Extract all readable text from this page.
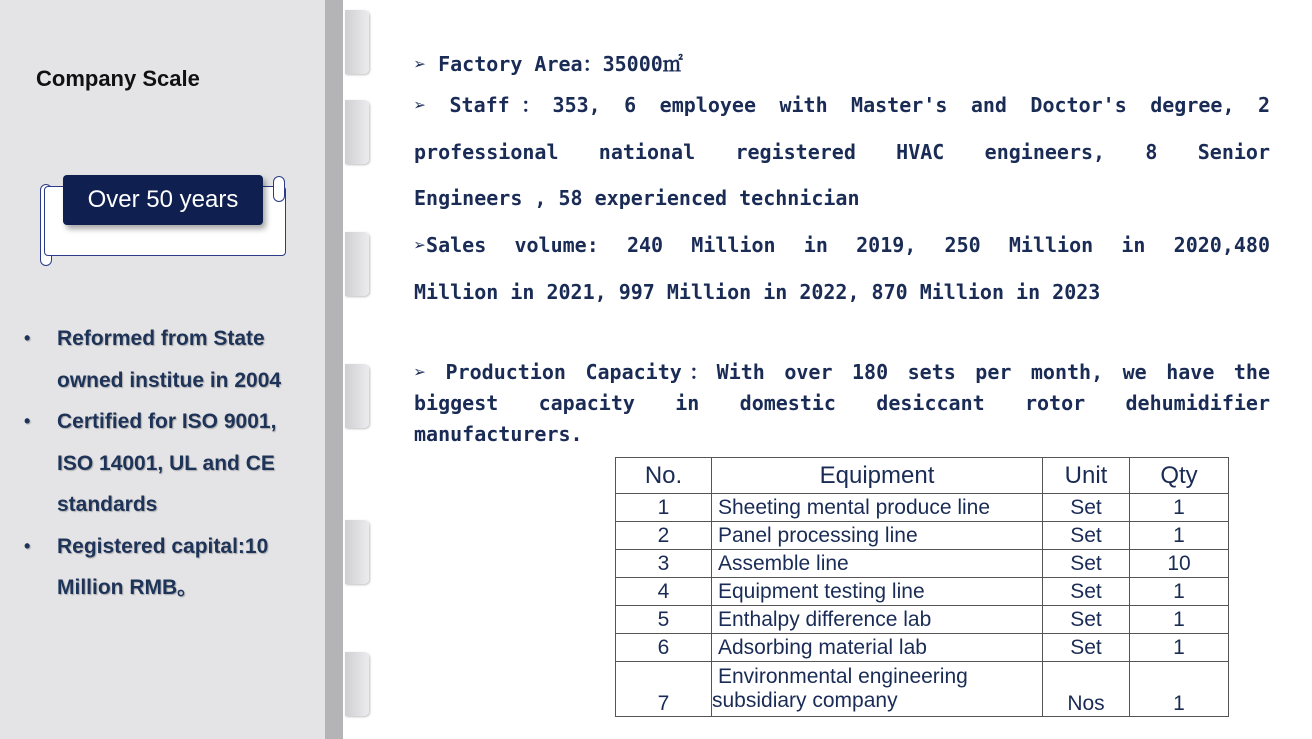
Company Scale
Over 50 years
• Reformed from State owned institue in 2004
• Certified for ISO 9001, ISO 14001, UL and CE standards
• Registered capital:10 Million RMB。
➢ Factory Area：35000㎡
➢ Staff：353, 6 employee with Master's and Doctor's degree, 2
professional national registered HVAC engineers, 8 Senior
Engineers , 58 experienced technician
➢Sales volume: 240 Million in 2019, 250 Million in 2020,480
Million in 2021, 997 Million in 2022, 870 Million in 2023
➢ Production Capacity：With over 180 sets per month, we have the
biggest capacity in domestic desiccant rotor dehumidifier
manufacturers.
No.	Equipment	Unit	Qty
1	Sheeting mental produce line	Set	1
2	Panel processing line	Set	1
3	Assemble line	Set	10
4	Equipment testing line	Set	1
5	Enthalpy difference lab	Set	1
6	Adsorbing material lab	Set	1
7	Environmental engineering
subsidiary company	Nos	1
